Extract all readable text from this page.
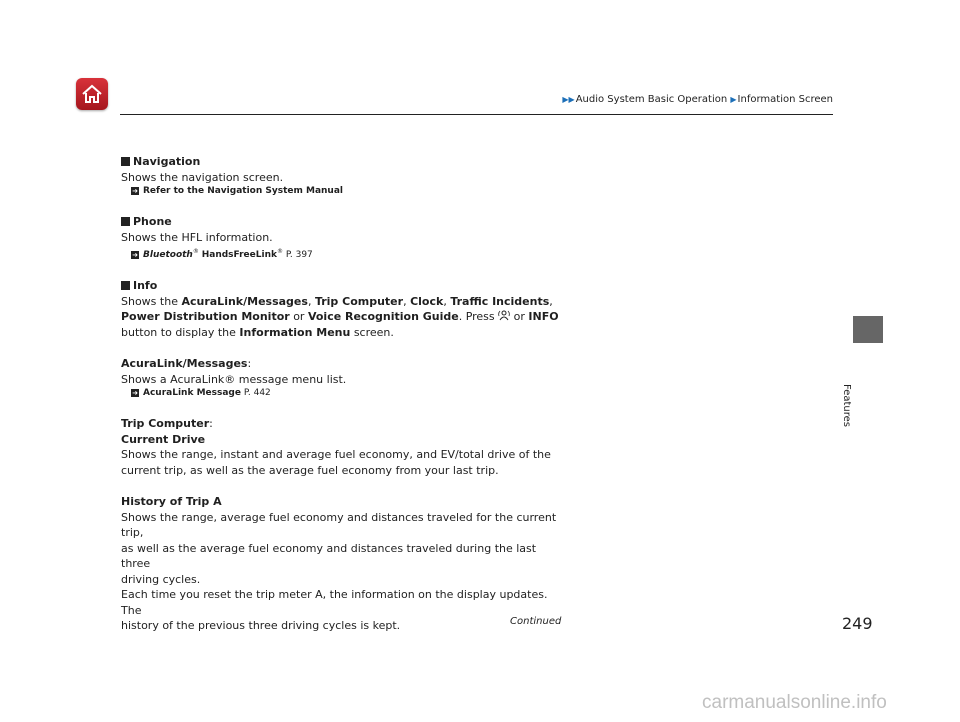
▶▶Audio System Basic Operation ▶Information Screen
Features
Navigation
Shows the navigation screen.
➜ Refer to the Navigation System Manual
Phone
Shows the HFL information.
➜ Bluetooth® HandsFreeLink® P. 397
Info
Shows the AcuraLink/Messages, Trip Computer, Clock, Traffic Incidents,
Power Distribution Monitor or Voice Recognition Guide. Press  or INFO
button to display the Information Menu screen.
AcuraLink/Messages:
Shows a AcuraLink® message menu list.
➜ AcuraLink Message P. 442
Trip Computer:
Current Drive
Shows the range, instant and average fuel economy, and EV/total drive of the
current trip, as well as the average fuel economy from your last trip.
History of Trip A
Shows the range, average fuel economy and distances traveled for the current trip,
as well as the average fuel economy and distances traveled during the last three
driving cycles.
Each time you reset the trip meter A, the information on the display updates. The
history of the previous three driving cycles is kept.	Continued	249
carmanualsonline.info
